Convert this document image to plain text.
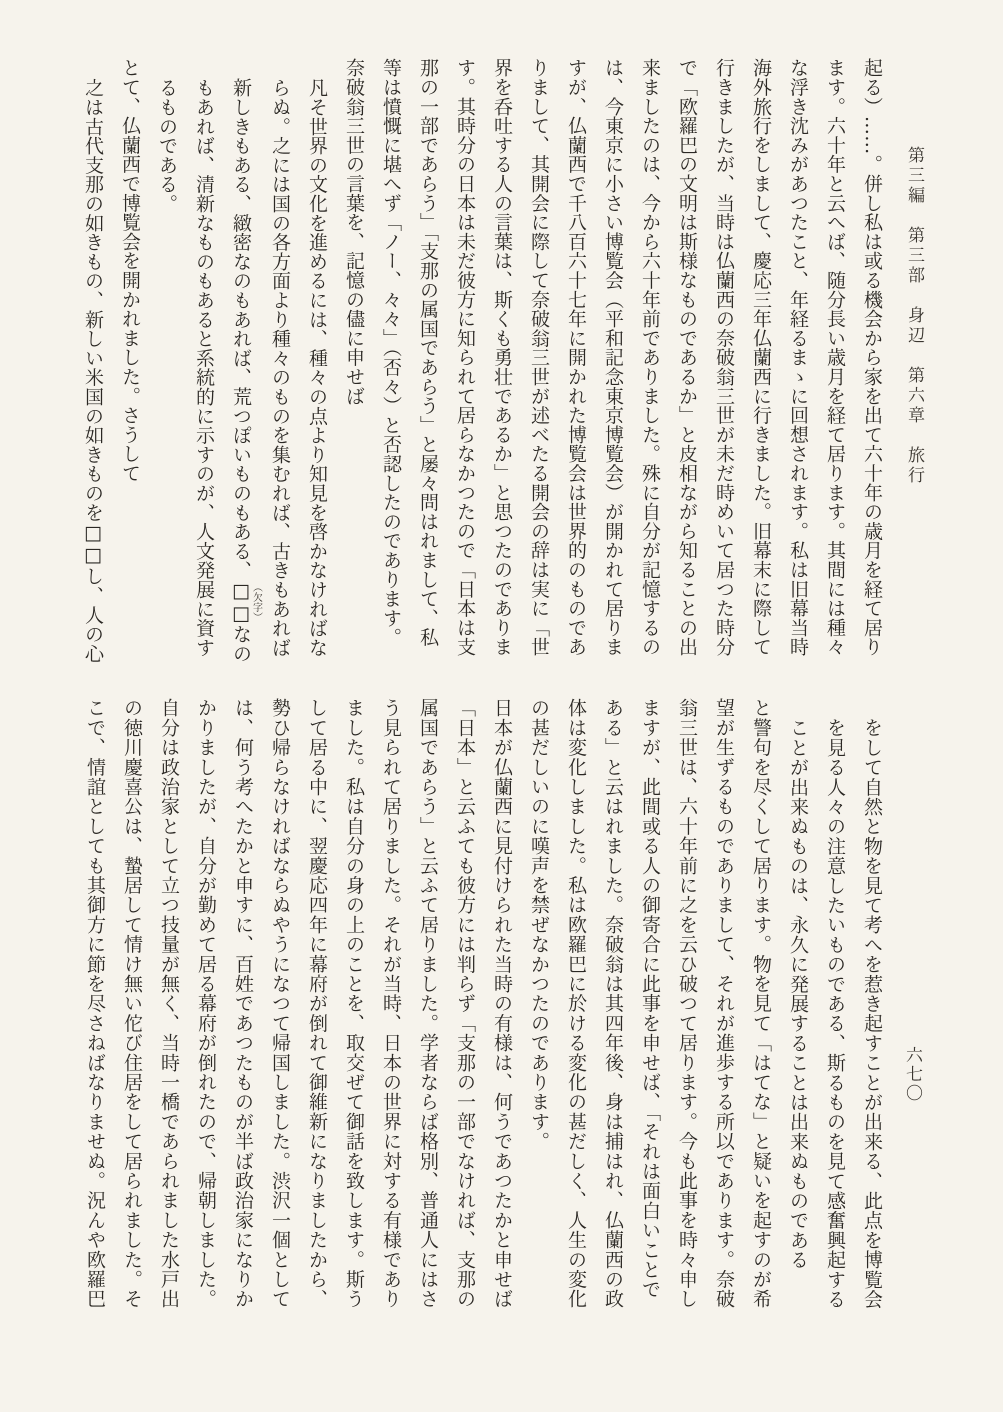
第三編　第三部　身辺　第六章　旅行
六七〇
起る）……。併し私は或る機会から家を出て六十年の歳月を経て居り
ます。六十年と云へば、随分長い歳月を経て居ります。其間には種々
な浮き沈みがあつたこと、年経るまゝに回想されます。私は旧幕当時
海外旅行をしまして、慶応三年仏蘭西に行きました。旧幕末に際して
行きましたが、当時は仏蘭西の奈破翁三世が未だ時めいて居つた時分
で「欧羅巴の文明は斯様なものであるか」と皮相ながら知ることの出
来ましたのは、今から六十年前でありました。殊に自分が記憶するの
は、今東京に小さい博覧会（平和記念東京博覧会）が開かれて居りま
すが、仏蘭西で千八百六十七年に開かれた博覧会は世界的のものであ
りまして、其開会に際して奈破翁三世が述べたる開会の辞は実に「世
界を呑吐する人の言葉は、斯くも勇壮であるか」と思つたのでありま
す。其時分の日本は未だ彼方に知られて居らなかつたので「日本は支
那の一部であらう」「支那の属国であらう」と屡々問はれまして、私
等は憤慨に堪へず「ノー、々々」（否々）と否認したのであります。
奈破翁三世の言葉を、記憶の儘に申せば
凡そ世界の文化を進めるには、種々の点より知見を啓かなければな
らぬ。之には国の各方面より種々のものを集むれば、古きもあれば
新しきもある、緻密なのもあれば、荒つぽいものもある、□□（欠字）なの
もあれば、清新なものもあると系統的に示すのが、人文発展に資す
るものである。
とて、仏蘭西で博覧会を開かれました。さうして
之は古代支那の如きもの、新しい米国の如きものを□□し、人の心
をして自然と物を見て考へを惹き起すことが出来る、此点を博覧会
を見る人々の注意したいものである、斯るものを見て感奮興起する
ことが出来ぬものは、永久に発展することは出来ぬものである
と警句を尽くして居ります。物を見て「はてな」と疑いを起すのが希
望が生ずるものでありまして、それが進歩する所以であります。奈破
翁三世は、六十年前に之を云ひ破つて居ります。今も此事を時々申し
ますが、此間或る人の御寄合に此事を申せば、「それは面白いことで
ある」と云はれました。奈破翁は其四年後、身は捕はれ、仏蘭西の政
体は変化しました。私は欧羅巴に於ける変化の甚だしく、人生の変化
の甚だしいのに嘆声を禁ぜなかつたのであります。
日本が仏蘭西に見付けられた当時の有様は、何うであつたかと申せば
「日本」と云ふても彼方には判らず「支那の一部でなければ、支那の
属国であらう」と云ふて居りました。学者ならば格別、普通人にはさ
う見られて居りました。それが当時、日本の世界に対する有様であり
ました。私は自分の身の上のことを、取交ぜて御話を致します。斯う
して居る中に、翌慶応四年に幕府が倒れて御維新になりましたから、
勢ひ帰らなければならぬやうになつて帰国しました。渋沢一個として
は、何う考へたかと申すに、百姓であつたものが半ば政治家になりか
かりましたが、自分が勤めて居る幕府が倒れたので、帰朝しました。
自分は政治家として立つ技量が無く、当時一橋であられました水戸出
の徳川慶喜公は、蟄居して情け無い佗び住居をして居られました。そ
こで、情誼としても其御方に節を尽さねばなりませぬ。況んや欧羅巴
